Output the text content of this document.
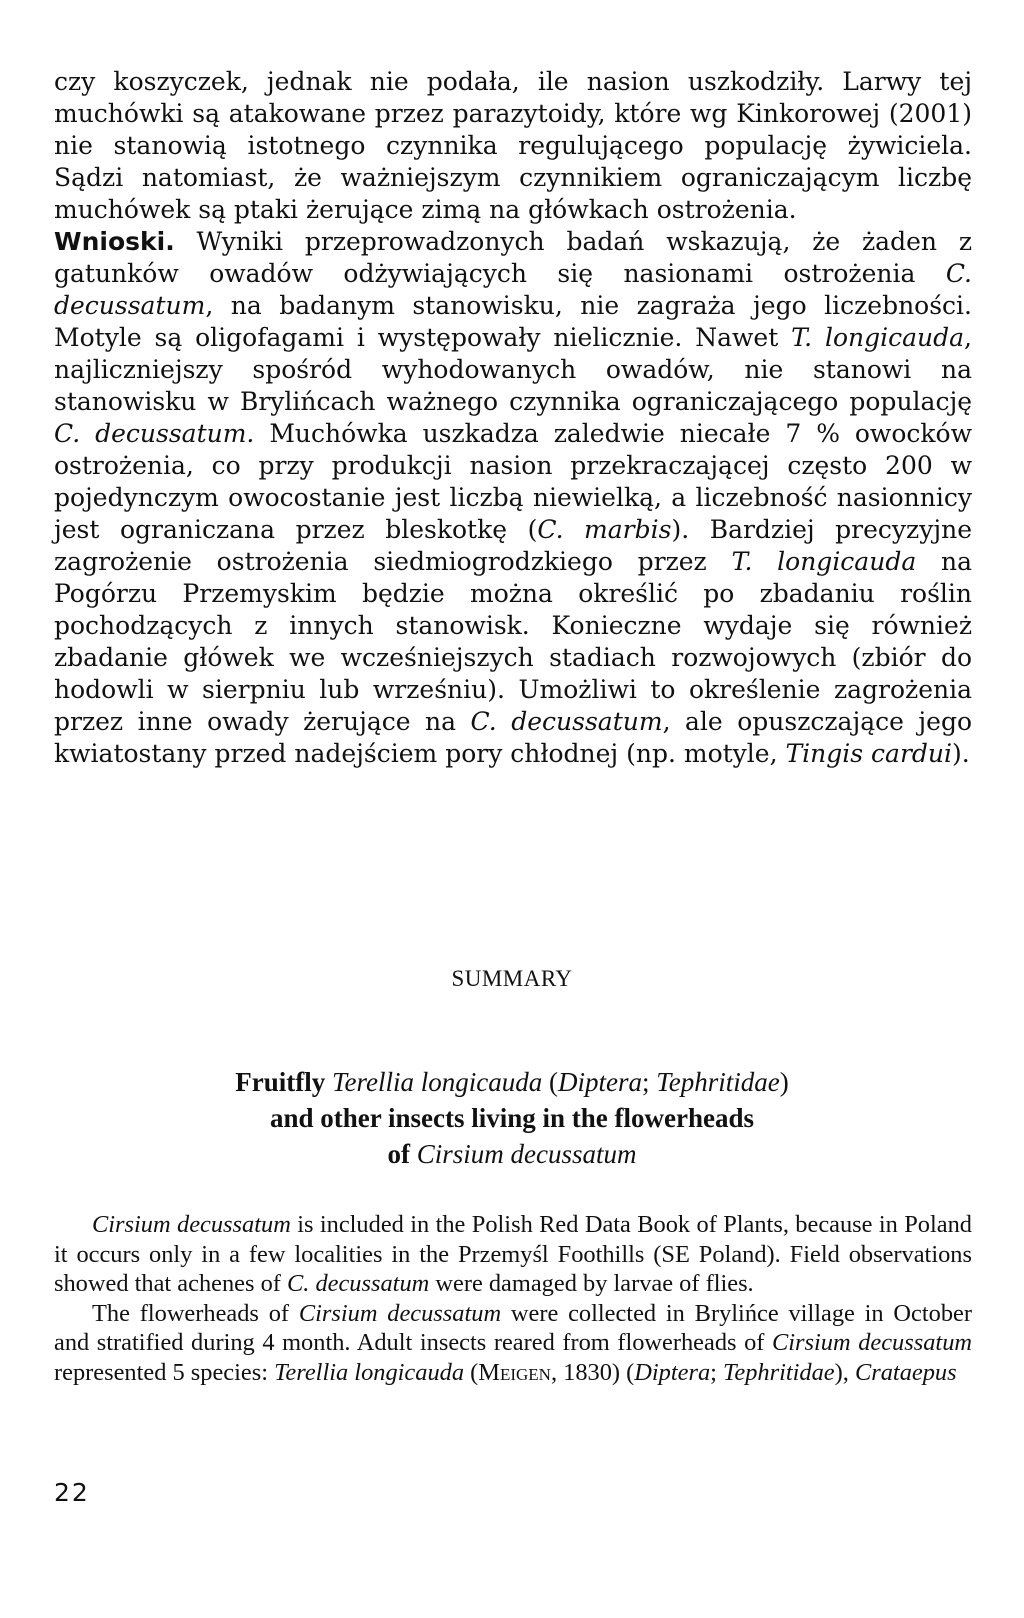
czy koszyczek, jednak nie podała, ile nasion uszkodziły. Larwy tej muchówki są atakowane przez parazytoidy, które wg Kinkorowej (2001) nie stanowią istotnego czynnika regulującego populację żywiciela. Sądzi natomiast, że ważniejszym czynnikiem ograniczającym liczbę muchówek są ptaki żerujące zimą na główkach ostrożenia.
Wnioski. Wyniki przeprowadzonych badań wskazują, że żaden z gatunków owadów odżywiających się nasionami ostrożenia C. decussatum, na badanym stanowisku, nie zagraża jego liczebności. Motyle są oligofagami i występowały nielicznie. Nawet T. longicauda, najliczniejszy spośród wyhodowanych owadów, nie stanowi na stanowisku w Brylińcach ważnego czynnika ograniczającego populację C. decussatum. Muchówka uszkadza zaledwie niecałe 7 % owocków ostrożenia, co przy produkcji nasion przekraczającej często 200 w pojedynczym owocostanie jest liczbą niewielką, a liczebność nasionnicy jest ograniczana przez bleskotkę (C. marbis). Bardziej precyzyjne zagrożenie ostrożenia siedmiogrodzkiego przez T. longicauda na Pogórzu Przemyskim będzie można określić po zbadaniu roślin pochodzących z innych stanowisk. Konieczne wydaje się również zbadanie główek we wcześniejszych stadiach rozwojowych (zbiór do hodowli w sierpniu lub wrześniu). Umożliwi to określenie zagrożenia przez inne owady żerujące na C. decussatum, ale opuszczające jego kwiatostany przed nadejściem pory chłodnej (np. motyle, Tingis cardui).
SUMMARY
Fruitfly Terellia longicauda (Diptera; Tephritidae)
and other insects living in the flowerheads
of Cirsium decussatum

Cirsium decussatum is included in the Polish Red Data Book of Plants, because in Poland it occurs only in a few localities in the Przemyśl Foothills (SE Poland). Field observations showed that achenes of C. decussatum were damaged by larvae of flies.

The flowerheads of Cirsium decussatum were collected in Brylińce village in October and stratified during 4 month. Adult insects reared from flowerheads of Cirsium decussatum represented 5 species: Terellia longicauda (Meigen, 1830) (Diptera; Tephritidae), Crataepus

22
